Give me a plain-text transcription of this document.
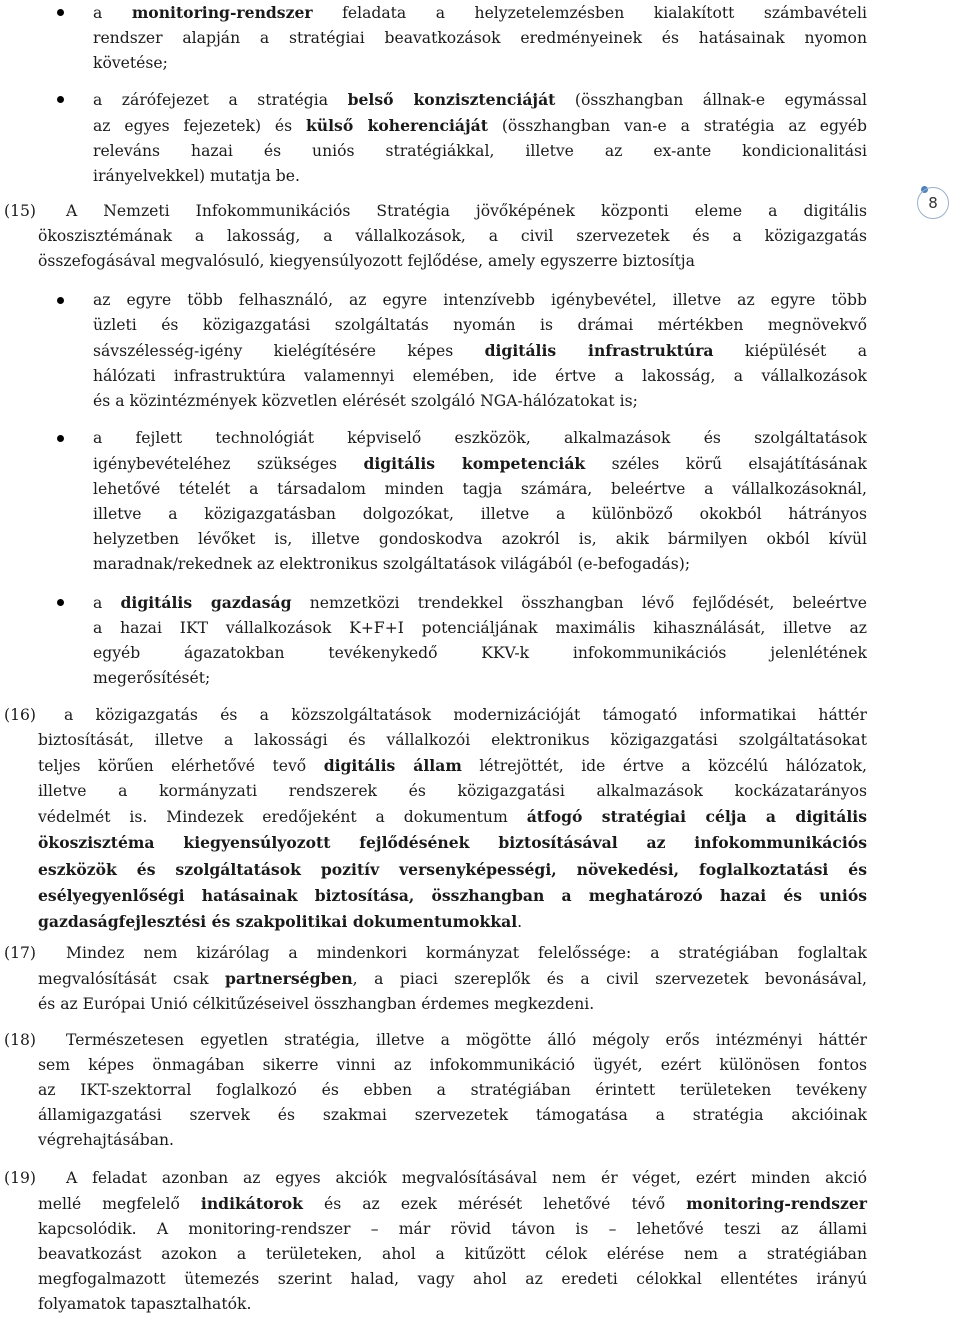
8
a monitoring-rendszer feladata a helyzetelemzésben kialakított számbavételi
rendszer alapján a stratégiai beavatkozások eredményeinek és hatásainak nyomon
követése;
a zárófejezet a stratégia belső konzisztenciáját (összhangban állnak-e egymással
az egyes fejezetek) és külső koherenciáját (összhangban van-e a stratégia az egyéb
releváns hazai és uniós stratégiákkal, illetve az ex-ante kondicionalitási
irányelvekkel) mutatja be.
(15)	A Nemzeti Infokommunikációs Stratégia jövőképének központi eleme a digitális
ökoszisztémának a lakosság, a vállalkozások, a civil szervezetek és a közigazgatás
összefogásával megvalósuló, kiegyensúlyozott fejlődése, amely egyszerre biztosítja
az egyre több felhasználó, az egyre intenzívebb igénybevétel, illetve az egyre több
üzleti és közigazgatási szolgáltatás nyomán is drámai mértékben megnövekvő
sávszélesség-igény kielégítésére képes digitális infrastruktúra kiépülését a
hálózati infrastruktúra valamennyi elemében, ide értve a lakosság, a vállalkozások
és a közintézmények közvetlen elérését szolgáló NGA-hálózatokat is;
a fejlett technológiát képviselő eszközök, alkalmazások és szolgáltatások
igénybevételéhez szükséges digitális kompetenciák széles körű elsajátításának
lehetővé tételét a társadalom minden tagja számára, beleértve a vállalkozásoknál,
illetve a közigazgatásban dolgozókat, illetve a különböző okokból hátrányos
helyzetben lévőket is, illetve gondoskodva azokról is, akik bármilyen okból kívül
maradnak/rekednek az elektronikus szolgáltatások világából (e-befogadás);
a digitális gazdaság nemzetközi trendekkel összhangban lévő fejlődését, beleértve
a hazai IKT vállalkozások K+F+I potenciáljának maximális kihasználását, illetve az
egyéb ágazatokban tevékenykedő KKV-k infokommunikációs jelenlétének
megerősítését;
(16)	a közigazgatás és a közszolgáltatások modernizációját támogató informatikai háttér
biztosítását, illetve a lakossági és vállalkozói elektronikus közigazgatási szolgáltatásokat
teljes körűen elérhetővé tevő digitális állam létrejöttét, ide értve a közcélú hálózatok,
illetve a kormányzati rendszerek és közigazgatási alkalmazások kockázatarányos
védelmét is. Mindezek eredőjeként a dokumentum átfogó stratégiai célja a digitális
ökoszisztéma kiegyensúlyozott fejlődésének biztosításával az infokommunikációs
eszközök és szolgáltatások pozitív versenyképességi, növekedési, foglalkoztatási és
esélyegyenlőségi hatásainak biztosítása, összhangban a meghatározó hazai és uniós
gazdaságfejlesztési és szakpolitikai dokumentumokkal.
(17)	Mindez nem kizárólag a mindenkori kormányzat felelőssége: a stratégiában foglaltak
megvalósítását csak partnerségben, a piaci szereplők és a civil szervezetek bevonásával,
és az Európai Unió célkitűzéseivel összhangban érdemes megkezdeni.
(18)	Természetesen egyetlen stratégia, illetve a mögötte álló mégoly erős intézményi háttér
sem képes önmagában sikerre vinni az infokommunikáció ügyét, ezért különösen fontos
az IKT-szektorral foglalkozó és ebben a stratégiában érintett területeken tevékeny
államigazgatási szervek és szakmai szervezetek támogatása a stratégia akcióinak
végrehajtásában.
(19)	A feladat azonban az egyes akciók megvalósításával nem ér véget, ezért minden akció
mellé megfelelő indikátorok és az ezek mérését lehetővé tévő monitoring-rendszer
kapcsolódik. A monitoring-rendszer – már rövid távon is – lehetővé teszi az állami
beavatkozást azokon a területeken, ahol a kitűzött célok elérése nem a stratégiában
megfogalmazott ütemezés szerint halad, vagy ahol az eredeti célokkal ellentétes irányú
folyamatok tapasztalhatók.
